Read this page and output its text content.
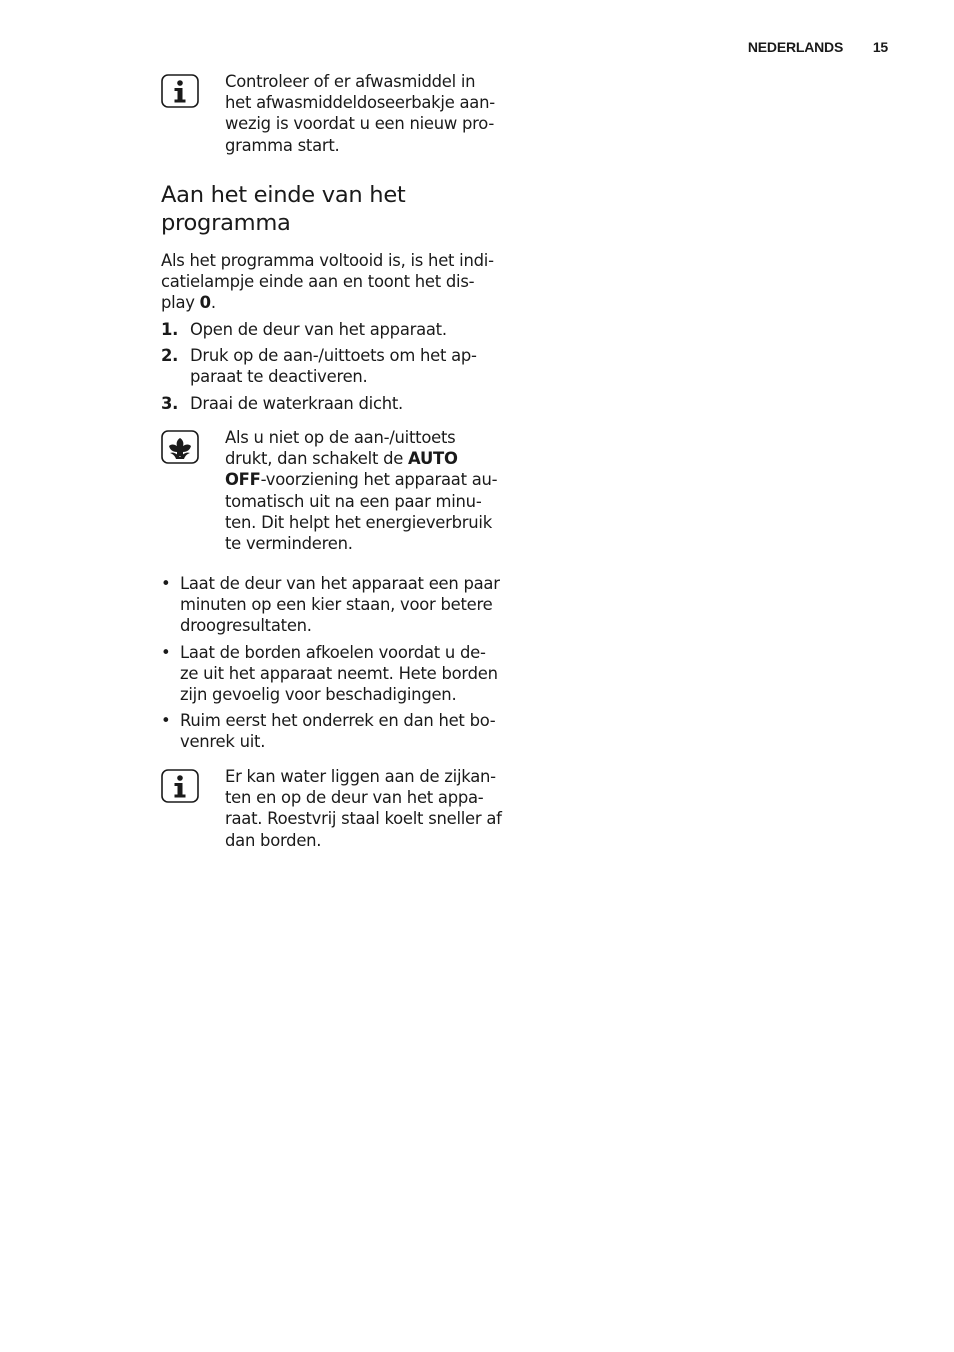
NEDERLANDS 15

Controleer of er afwasmiddel in
het afwasmiddeldoseerbakje aan-
wezig is voordat u een nieuw pro-
gramma start.

Aan het einde van het
programma

Als het programma voltooid is, is het indi-
catielampje einde aan en toont het dis-
play 0.

1. Open de deur van het apparaat.
2. Druk op de aan-/uittoets om het ap-
paraat te deactiveren.
3. Draai de waterkraan dicht.

Als u niet op de aan-/uittoets
drukt, dan schakelt de AUTO
OFF-voorziening het apparaat au-
tomatisch uit na een paar minu-
ten. Dit helpt het energieverbruik
te verminderen.

• Laat de deur van het apparaat een paar
minuten op een kier staan, voor betere
droogresultaten.
• Laat de borden afkoelen voordat u de-
ze uit het apparaat neemt. Hete borden
zijn gevoelig voor beschadigingen.
• Ruim eerst het onderrek en dan het bo-
venrek uit.

Er kan water liggen aan de zijkan-
ten en op de deur van het appa-
raat. Roestvrij staal koelt sneller af
dan borden.
